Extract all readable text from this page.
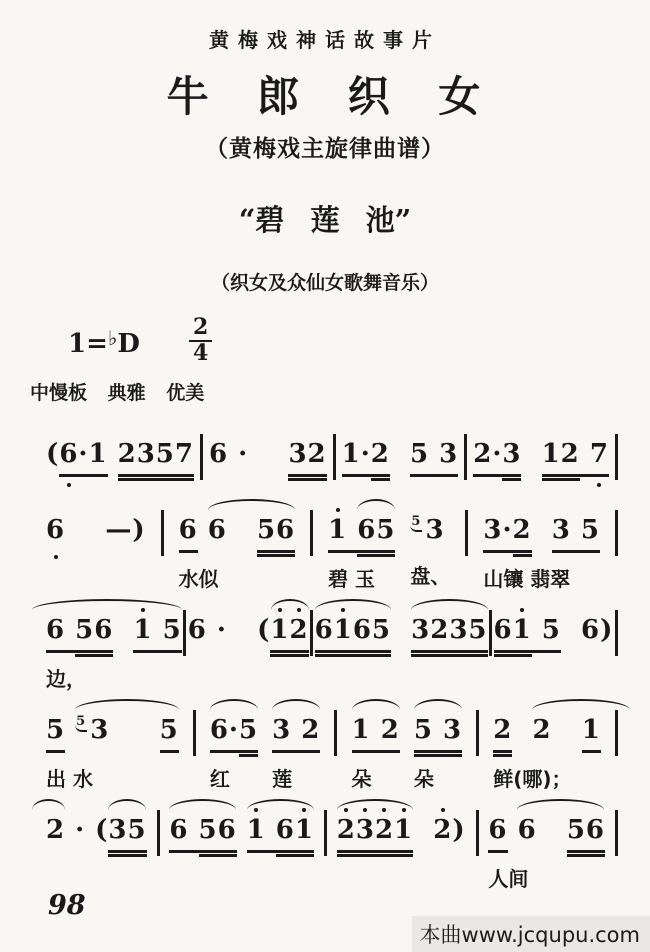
黄梅戏神话故事片
牛 郎 织 女
（黄梅戏主旋律曲谱）
“碧 莲 池”
（织女及众仙女歌舞音乐）
$1=^♭D \frac{2}{4}$
中慢板 典雅 优美
(6
·1 2357 6 · 32 1·2 5 3 2·3 12 7
6 —) 6 6 56
水似
1 65
碧 玉
$^5$ 3
盘、
3·2 3 5
山镶 翡翠
6 56 1 5
边，
6 · (1
2 61
65 3235 61 5 6)
5 $^5$ 3 5
出 水
6·5
红
3 2
莲
1 2
朵
5 3
朵
2 2 1
鲜(哪)；
2 · (35 6 56 1 61 2
3
2
1 2
) 6 6 56
人间
98
本曲www.jcqupu.com
